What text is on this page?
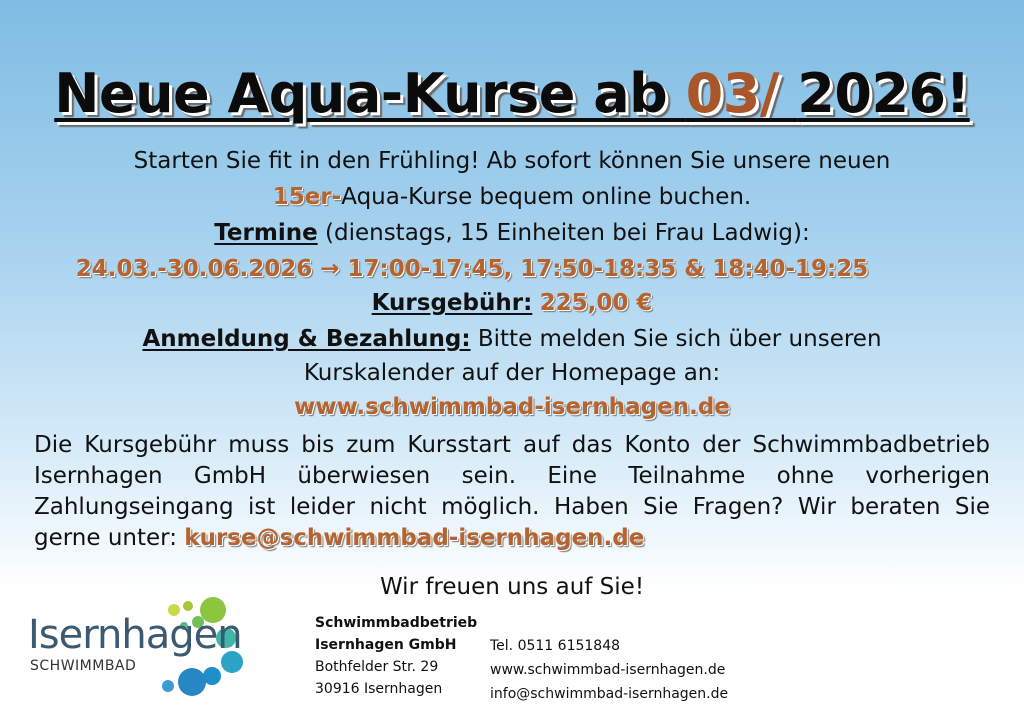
Neue Aqua-Kurse ab 03/ 2026!
Starten Sie fit in den Frühling! Ab sofort können Sie unsere neuen
15er-Aqua-Kurse bequem online buchen.
Termine (dienstags, 15 Einheiten bei Frau Ladwig):
24.03.-30.06.2026 → 17:00-17:45, 17:50-18:35 & 18:40-19:25
Kursgebühr: 225,00 €
Anmeldung & Bezahlung: Bitte melden Sie sich über unseren
Kurskalender auf der Homepage an:
www.schwimmbad-isernhagen.de
Die Kursgebühr muss bis zum Kursstart auf das Konto der Schwimmbadbetrieb Isernhagen GmbH überwiesen sein. Eine Teilnahme ohne vorherigen Zahlungseingang ist leider nicht möglich. Haben Sie Fragen? Wir beraten Sie gerne unter: kurse@schwimmbad-isernhagen.de
Wir freuen uns auf Sie!
Isernhagen
SCHWIMMBAD
Schwimmbadbetrieb
Isernhagen GmbH
Bothfelder Str. 29
30916 Isernhagen
Tel. 0511 6151848
www.schwimmbad-isernhagen.de
info@schwimmbad-isernhagen.de
